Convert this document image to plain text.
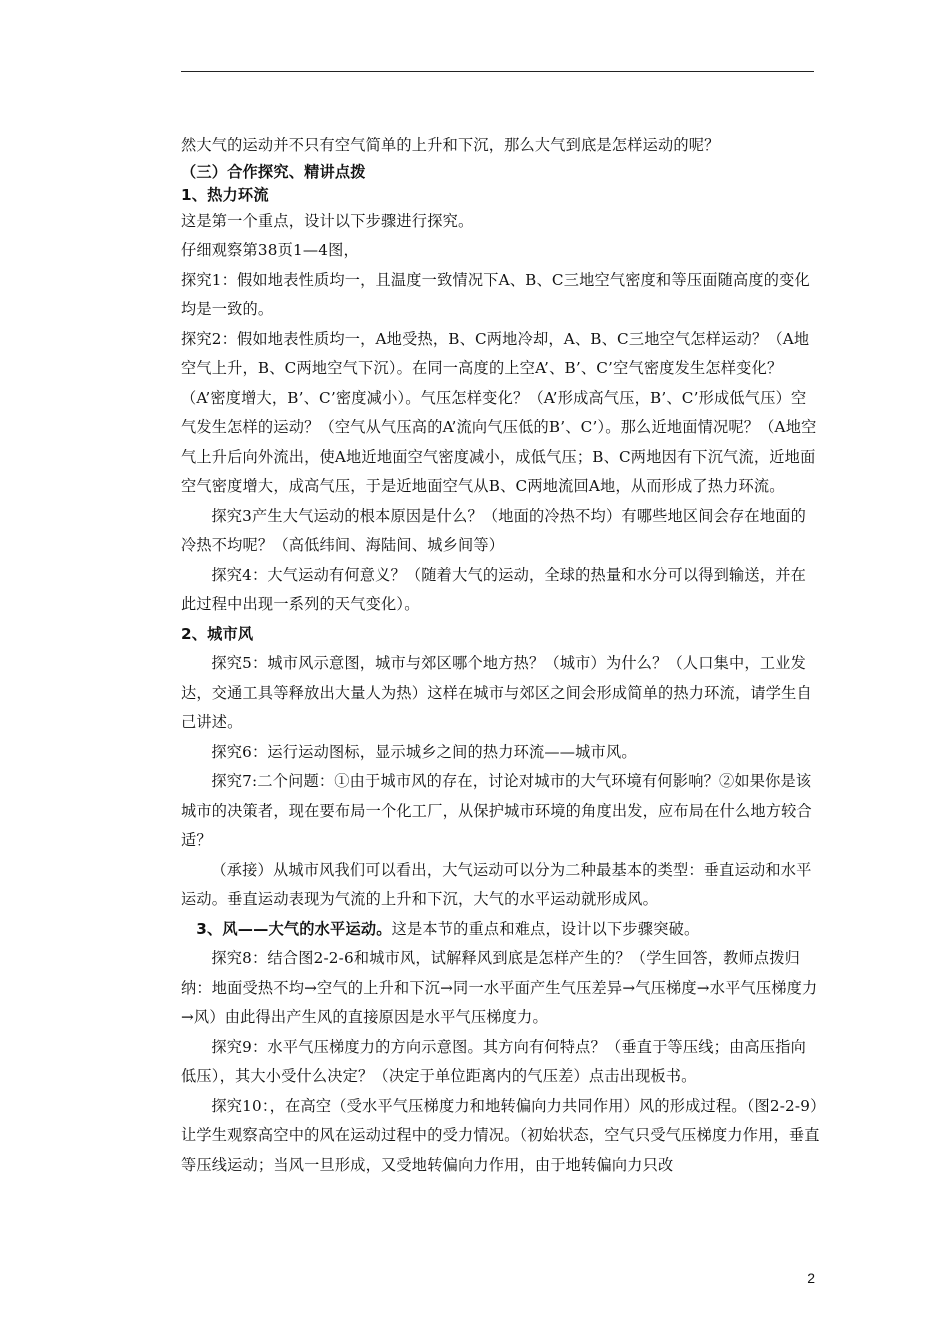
然大气的运动并不只有空气简单的上升和下沉，那么大气到底是怎样运动的呢？

（三）合作探究、精讲点拨

1、热力环流

这是第一个重点，设计以下步骤进行探究。

仔细观察第38页1—4图，

探究1：假如地表性质均一，且温度一致情况下A、B、C三地空气密度和等压面随高度的变化均是一致的。

探究2：假如地表性质均一，A地受热，B、C两地冷却，A、B、C三地空气怎样运动？（A地空气上升，B、C两地空气下沉）。在同一高度的上空A’、B’、C’空气密度发生怎样变化？（A’密度增大，B’、C’密度减小）。气压怎样变化？（A’形成高气压，B’、C’形成低气压）空气发生怎样的运动？（空气从气压高的A’流向气压低的B’、C’）。那么近地面情况呢？（A地空气上升后向外流出，使A地近地面空气密度减小，成低气压；B、C两地因有下沉气流，近地面空气密度增大，成高气压，于是近地面空气从B、C两地流回A地，从而形成了热力环流。

探究3产生大气运动的根本原因是什么？（地面的冷热不均）有哪些地区间会存在地面的冷热不均呢？（高低纬间、海陆间、城乡间等）

探究4：大气运动有何意义？（随着大气的运动，全球的热量和水分可以得到输送，并在此过程中出现一系列的天气变化）。

2、城市风

探究5：城市风示意图，城市与郊区哪个地方热？（城市）为什么？（人口集中，工业发达，交通工具等释放出大量人为热）这样在城市与郊区之间会形成简单的热力环流，请学生自己讲述。

探究6：运行运动图标，显示城乡之间的热力环流——城市风。

探究7:二个问题：①由于城市风的存在，讨论对城市的大气环境有何影响？②如果你是该城市的决策者，现在要布局一个化工厂，从保护城市环境的角度出发，应布局在什么地方较合适？

（承接）从城市风我们可以看出，大气运动可以分为二种最基本的类型：垂直运动和水平运动。垂直运动表现为气流的上升和下沉，大气的水平运动就形成风。

3、风——大气的水平运动。这是本节的重点和难点，设计以下步骤突破。

探究8：结合图2-2-6和城市风，试解释风到底是怎样产生的？（学生回答，教师点拨归纳：地面受热不均→空气的上升和下沉→同一水平面产生气压差异→气压梯度→水平气压梯度力→风）由此得出产生风的直接原因是水平气压梯度力。

探究9：水平气压梯度力的方向示意图。其方向有何特点？（垂直于等压线；由高压指向低压），其大小受什么决定？（决定于单位距离内的气压差）点击出现板书。

探究10：，在高空（受水平气压梯度力和地转偏向力共同作用）风的形成过程。（图2-2-9）让学生观察高空中的风在运动过程中的受力情况。（初始状态，空气只受气压梯度力作用，垂直等压线运动；当风一旦形成，又受地转偏向力作用，由于地转偏向力只改

2
